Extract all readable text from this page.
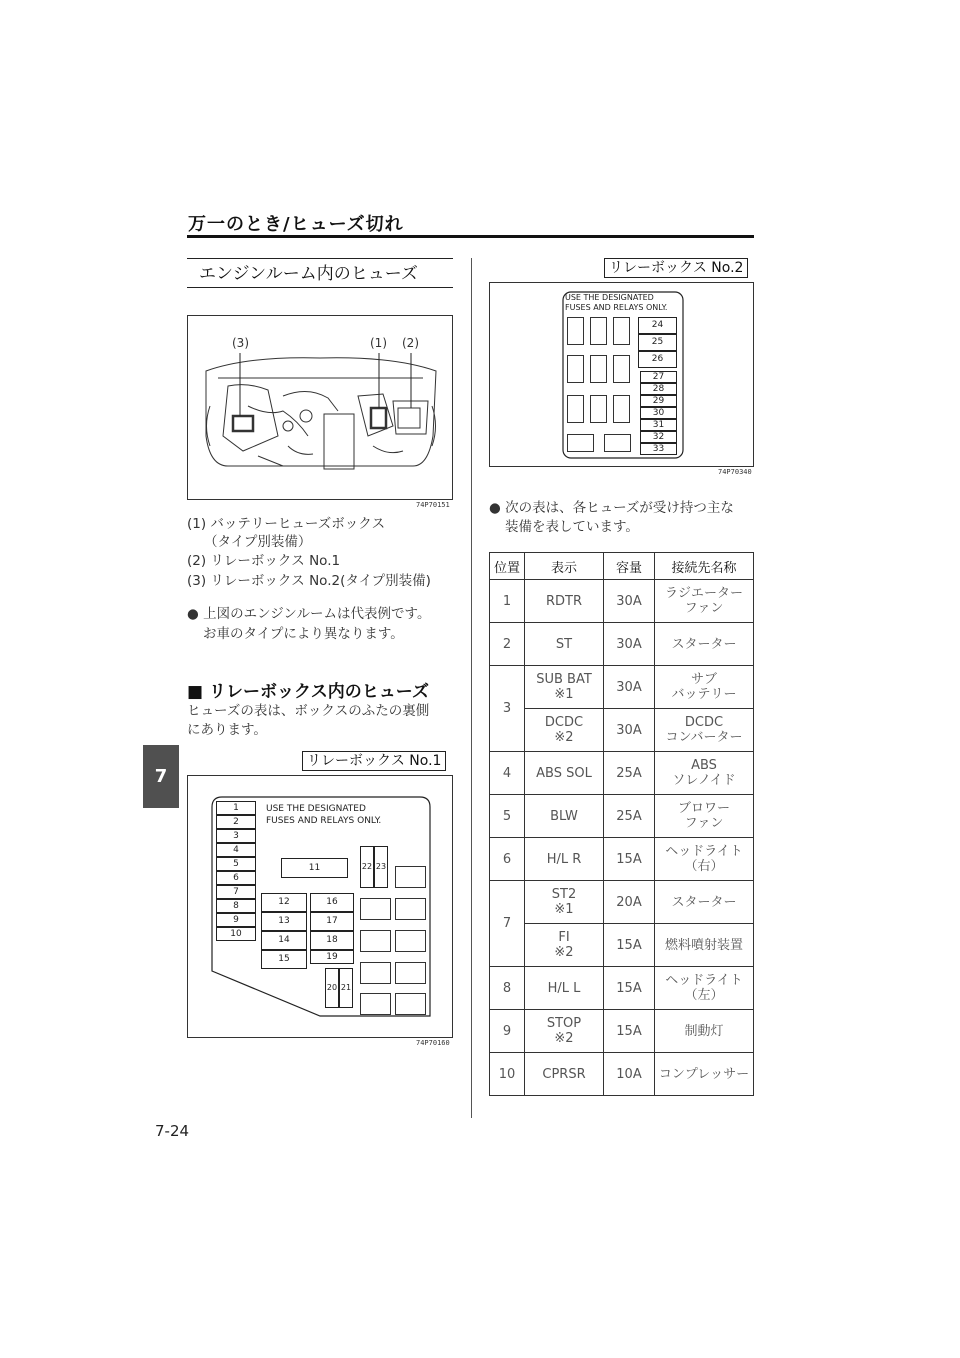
万一のとき/ヒューズ切れ
エンジンルーム内のヒューズ
(3)	(1) (2)
74P70151
(1) バッテリーヒューズボックス
（タイプ別装備）
(2) リレーボックス No.1
(3) リレーボックス No.2(タイプ別装備)
● 上図のエンジンルームは代表例です。
お車のタイプにより異なります。
■ リレーボックス内のヒューズ
ヒューズの表は、ボックスのふたの裏側
にあります。
リレーボックス No.1
USE THE DESIGNATED
FUSES AND RELAYS ONLY.
1
2
3
4
5
6
7
8
9
10
11	22 23
12
13
14
15
16
17
18
19
20 21
74P70160
7
7-24
リレーボックス No.2
USE THE DESIGNATED
FUSES AND RELAYS ONLY.
24
25
26
27
28
29
30
31
32
33
74P70340
● 次の表は、各ヒューズが受け持つ主な
装備を表しています。
位置	表示	容量	接続先名称
1	RDTR	30A	ラジエーター
ファン
2	ST	30A	スターター
3	SUB BAT
※1	30A	サブ
バッテリー
	DCDC
※2	30A	DCDC
コンバーター
4	ABS SOL	25A	ABS
ソレノイド
5	BLW	25A	ブロワー
ファン
6	H/L R	15A	ヘッドライト
（右）
7	ST2
※1	20A	スターター
	FI
※2	15A	燃料噴射装置
8	H/L L	15A	ヘッドライト
（左）
9	STOP
※2	15A	制動灯
10	CPRSR	10A	コンプレッサー
